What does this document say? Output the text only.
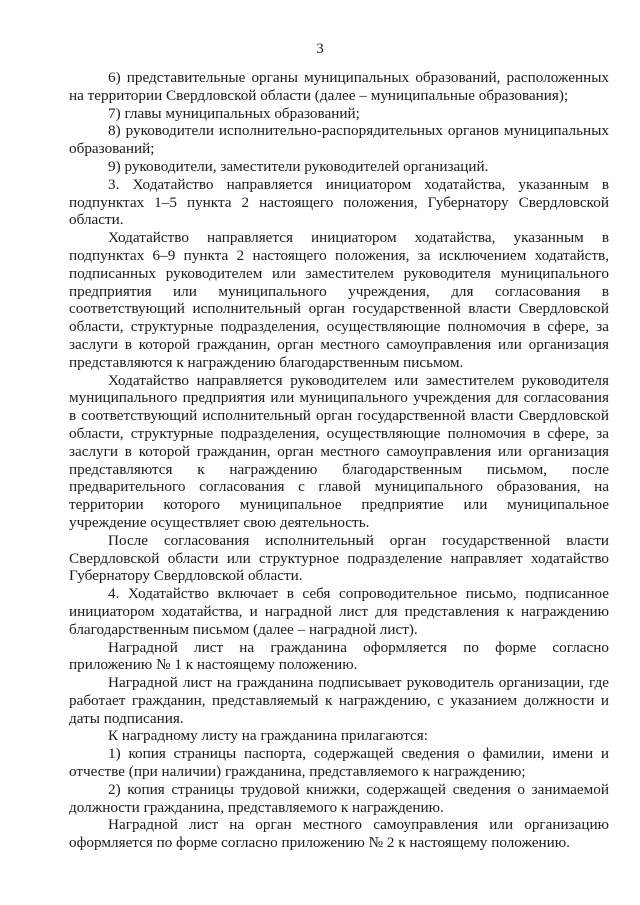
3

6) представительные органы муниципальных образований, расположенных на территории Свердловской области (далее – муниципальные образования);

7) главы муниципальных образований;

8) руководители исполнительно-распорядительных органов муниципальных образований;

9) руководители, заместители руководителей организаций.

3. Ходатайство направляется инициатором ходатайства, указанным в подпунктах 1–5 пункта 2 настоящего положения, Губернатору Свердловской области.

Ходатайство направляется инициатором ходатайства, указанным в подпунктах 6–9 пункта 2 настоящего положения, за исключением ходатайств, подписанных руководителем или заместителем руководителя муниципального предприятия или муниципального учреждения, для согласования в соответствующий исполнительный орган государственной власти Свердловской области, структурные подразделения, осуществляющие полномочия в сфере, за заслуги в которой гражданин, орган местного самоуправления или организация представляются к награждению благодарственным письмом.

Ходатайство направляется руководителем или заместителем руководителя муниципального предприятия или муниципального учреждения для согласования в соответствующий исполнительный орган государственной власти Свердловской области, структурные подразделения, осуществляющие полномочия в сфере, за заслуги в которой гражданин, орган местного самоуправления или организация представляются к награждению благодарственным письмом, после предварительного согласования с главой муниципального образования, на территории которого муниципальное предприятие или муниципальное учреждение осуществляет свою деятельность.

После согласования исполнительный орган государственной власти Свердловской области или структурное подразделение направляет ходатайство Губернатору Свердловской области.

4. Ходатайство включает в себя сопроводительное письмо, подписанное инициатором ходатайства, и наградной лист для представления к награждению благодарственным письмом (далее – наградной лист).

Наградной лист на гражданина оформляется по форме согласно приложению № 1 к настоящему положению.

Наградной лист на гражданина подписывает руководитель организации, где работает гражданин, представляемый к награждению, с указанием должности и даты подписания.

К наградному листу на гражданина прилагаются:

1) копия страницы паспорта, содержащей сведения о фамилии, имени и отчестве (при наличии) гражданина, представляемого к награждению;

2) копия страницы трудовой книжки, содержащей сведения о занимаемой должности гражданина, представляемого к награждению.

Наградной лист на орган местного самоуправления или организацию оформляется по форме согласно приложению № 2 к настоящему положению.
